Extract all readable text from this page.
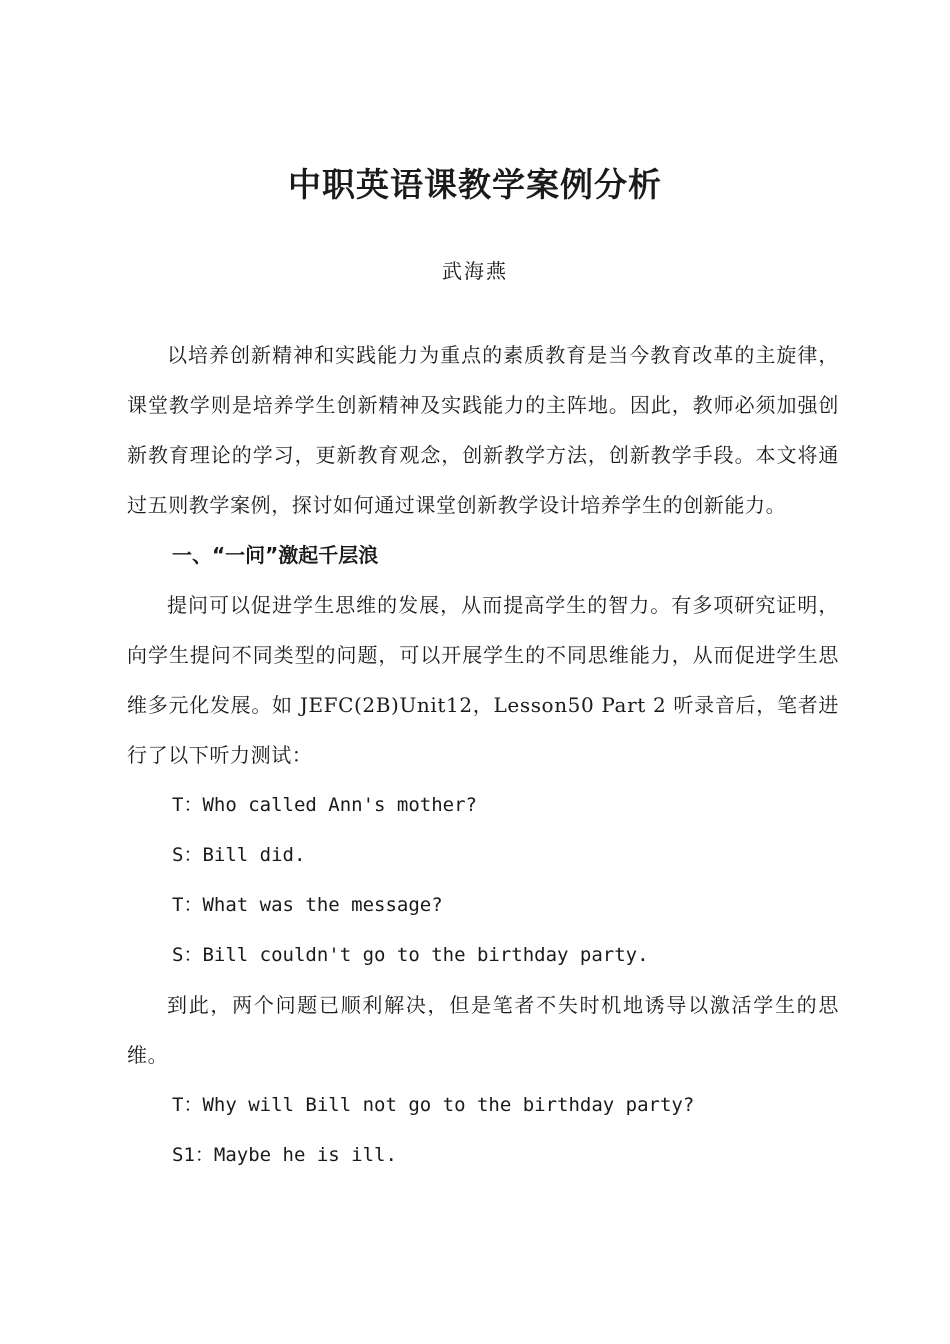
中职英语课教学案例分析
武海燕

以培养创新精神和实践能力为重点的素质教育是当今教育改革的主旋律，课堂教学则是培养学生创新精神及实践能力的主阵地。因此，教师必须加强创新教育理论的学习，更新教育观念，创新教学方法，创新教学手段。本文将通过五则教学案例，探讨如何通过课堂创新教学设计培养学生的创新能力。

一、“一问”激起千层浪

提问可以促进学生思维的发展，从而提高学生的智力。有多项研究证明，向学生提问不同类型的问题，可以开展学生的不同思维能力，从而促进学生思维多元化发展。如 JEFC(2B)Unit12，Lesson50 Part 2 听录音后，笔者进行了以下听力测试：

T：Who called Ann's mother?

S：Bill did.

T：What was the message?

S：Bill couldn't go to the birthday party.

到此，两个问题已顺利解决，但是笔者不失时机地诱导以激活学生的思维。

T：Why will Bill not go to the birthday party?

S1：Maybe he is ill.
